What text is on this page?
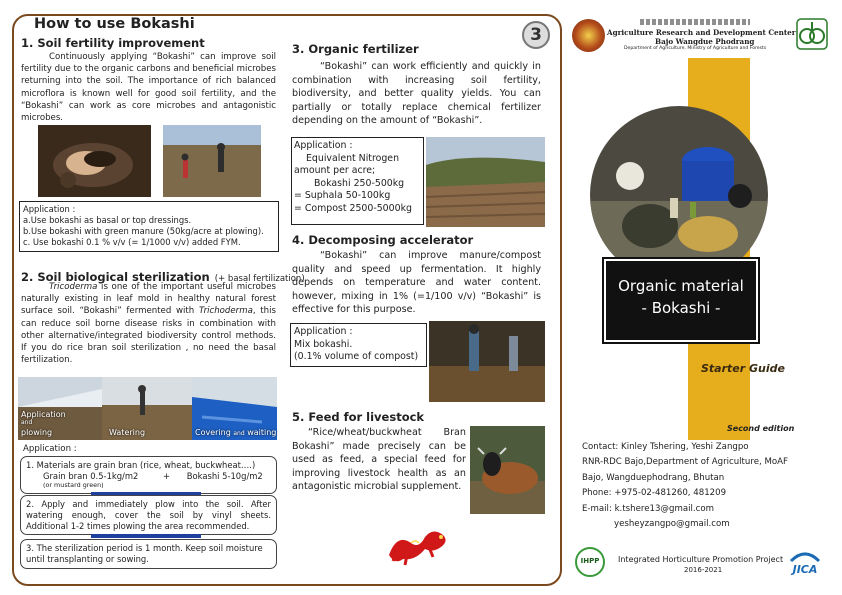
3
How to use Bokashi
1. Soil fertility improvement
Continuously applying “Bokashi” can improve soil fertility due to the organic carbons and beneficial microbes returning into the soil. The importance of rich balanced microflora is known well for good soil fertility, and the “Bokashi” can work as core microbes and antagonistic microbes.
Application :
a.Use bokashi as basal or top dressings.
b.Use bokashi with green manure (50kg/acre at plowing).
c. Use bokashi 0.1 % v/v (= 1/1000 v/v) added FYM.
2. Soil biological sterilization (+ basal fertilization)
Tricoderma is one of the important useful microbes naturally existing in leaf mold in healthy natural forest surface soil. “Bokashi” fermented with Trichoderma, this can reduce soil borne disease risks in combination with other alternative/integrated biodiversity control methods. If you do rice bran soil sterilization , no need the basal fertilization.
Application
and
plowing	Watering	Covering and waiting
Application :
1. Materials are grain bran (rice, wheat, buckwheat….)
Grain bran 0.5-1kg/m2	+ Bokashi 5-10g/m2
(or mustard green)
2. Apply and immediately plow into the soil. After watering enough, cover the soil by vinyl sheets. Additional 1-2 times plowing the area recommended.
3. The sterilization period is 1 month. Keep soil moisture until transplanting or sowing.
3. Organic fertilizer
“Bokashi” can work efficiently and quickly in combination with increasing soil fertility, biodiversity, and better quality yields. You can partially or totally replace chemical fertilizer depending on the amount of “Bokashi”.
Application :
Equivalent Nitrogen
amount per acre;
Bokashi 250-500kg
= Suphala 50-100kg
= Compost 2500-5000kg
4. Decomposing accelerator
“Bokashi” can improve manure/compost quality and speed up fermentation. It highly depends on temperature and water content. however, mixing in 1% (=1/100 v/v) “Bokashi” is effective for this purpose.
Application :
Mix bokashi.
(0.1% volume of compost)
5. Feed for livestock
“Rice/wheat/buckwheat Bran Bokashi” made precisely can be used as feed, a special feed for improving livestock health as an antagonistic microbial supplement.
Agriculture Research and Development Center
Bajo Wangdue Phodrang
Department of Agriculture, Ministry of Agriculture and Forests
Organic material
- Bokashi -
Starter Guide
Second edition
Contact: Kinley Tshering, Yeshi Zangpo
RNR-RDC Bajo,Department of Agriculture, MoAF
Bajo, Wangduephodrang, Bhutan
Phone: +975-02-481260, 481209
E-mail: k.tshere13@gmail.com
yesheyzangpo@gmail.com
IHPP	Integrated Horticulture Promotion Project
2016-2021	JICA
